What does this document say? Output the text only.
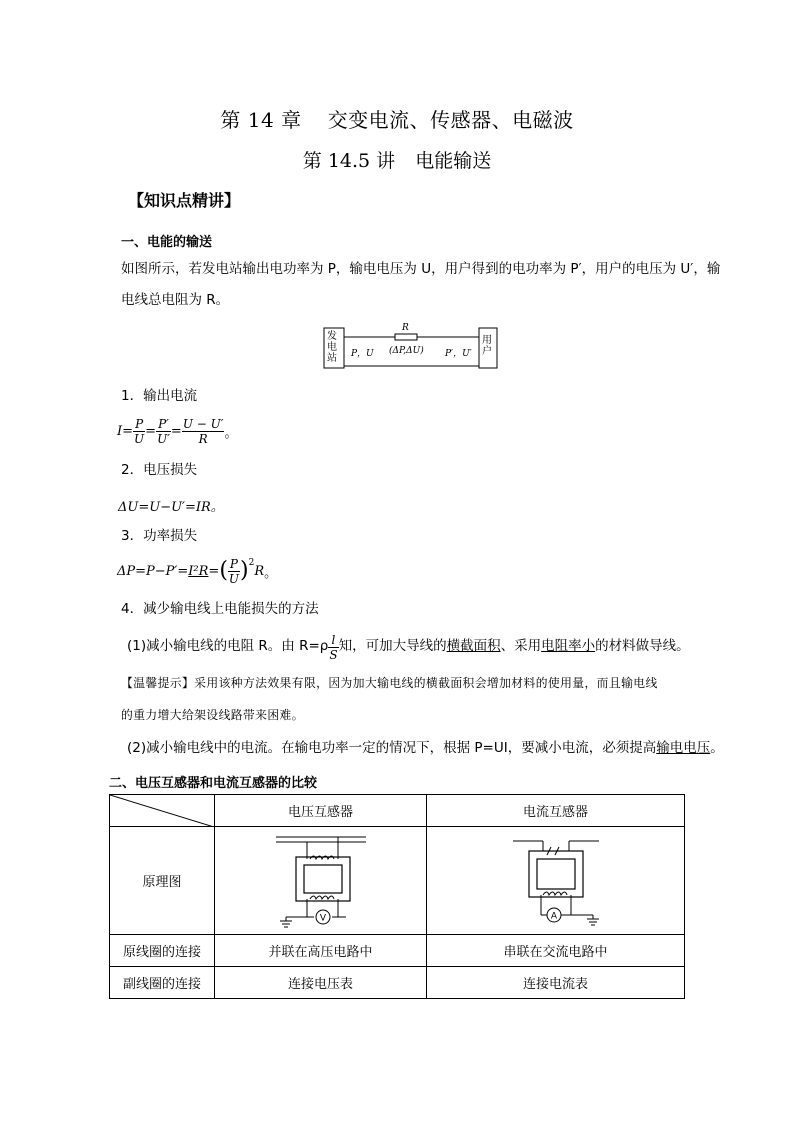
第 14 章 交变电流、传感器、电磁波
第 14.5 讲 电能输送
【知识点精讲】
一、电能的输送
如图所示，若发电站输出电功率为 P，输电电压为 U，用户得到的电功率为 P′，用户的电压为 U′，输
电线总电阻为 R。
发电站
R
P，U (ΔP,ΔU) P′，U′
用户
1．输出电流
$I = \frac{P}{U} = \frac{P'}{U'} = \frac{U - U'}{R}$ 。
2．电压损失
ΔU=U−U′=IR。
3．功率损失
ΔP=P−P′= I²R = ( $\frac{P}{U}$ ) 2
R 。
4．减少输电线上电能损失的方法
(1)减小输电线的电阻 R。由 $R=\rho \frac{l}{S}$ 知，可加大导线的 横截面积 、采用 电阻率小 的材料做导线。
【温馨提示】采用该种方法效果有限，因为加大输电线的横截面积会增加材料的使用量，而且输电线
的重力增大给架设线路带来困难。
(2)减小输电线中的电流。在输电功率一定的情况下，根据 P=UI，要减小电流，必须提高输电电压。
二、电压互感器和电流互感器的比较
	电压互感器	电流互感器
原理图	V	A

原线圈的连接	并联在高压电路中	串联在交流电路中
副线圈的连接	连接电压表	连接电流表
